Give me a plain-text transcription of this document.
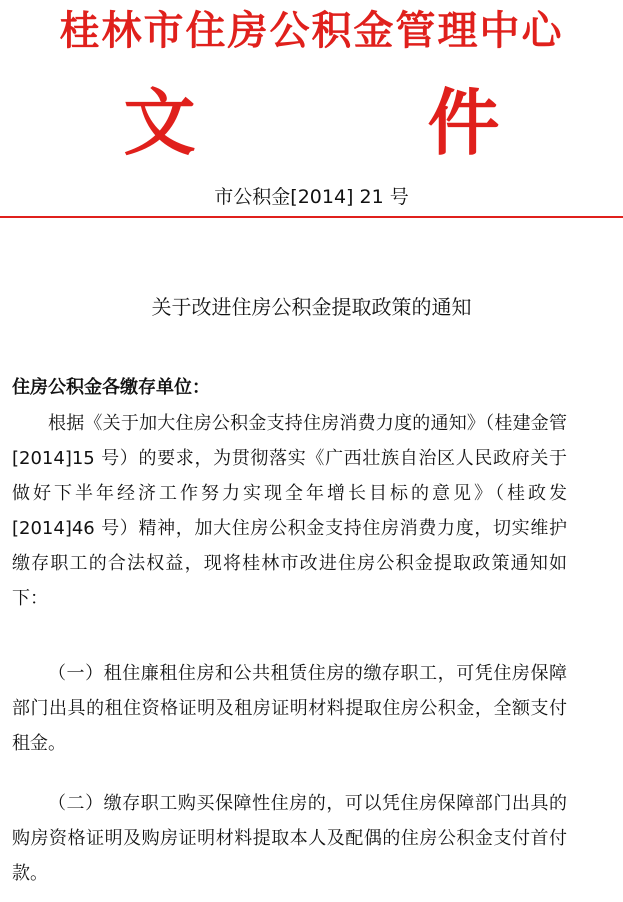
桂林市住房公积金管理中心
文　件
市公积金[2014] 21 号
关于改进住房公积金提取政策的通知
住房公积金各缴存单位：

根据《关于加大住房公积金支持住房消费力度的通知》（桂建金管[2014]15 号）的要求，为贯彻落实《广西壮族自治区人民政府关于做好下半年经济工作努力实现全年增长目标的意见》（桂政发[2014]46 号）精神，加大住房公积金支持住房消费力度，切实维护缴存职工的合法权益，现将桂林市改进住房公积金提取政策通知如下：

（一）租住廉租住房和公共租赁住房的缴存职工，可凭住房保障部门出具的租住资格证明及租房证明材料提取住房公积金，全额支付租金。

（二）缴存职工购买保障性住房的，可以凭住房保障部门出具的购房资格证明及购房证明材料提取本人及配偶的住房公积金支付首付款。
